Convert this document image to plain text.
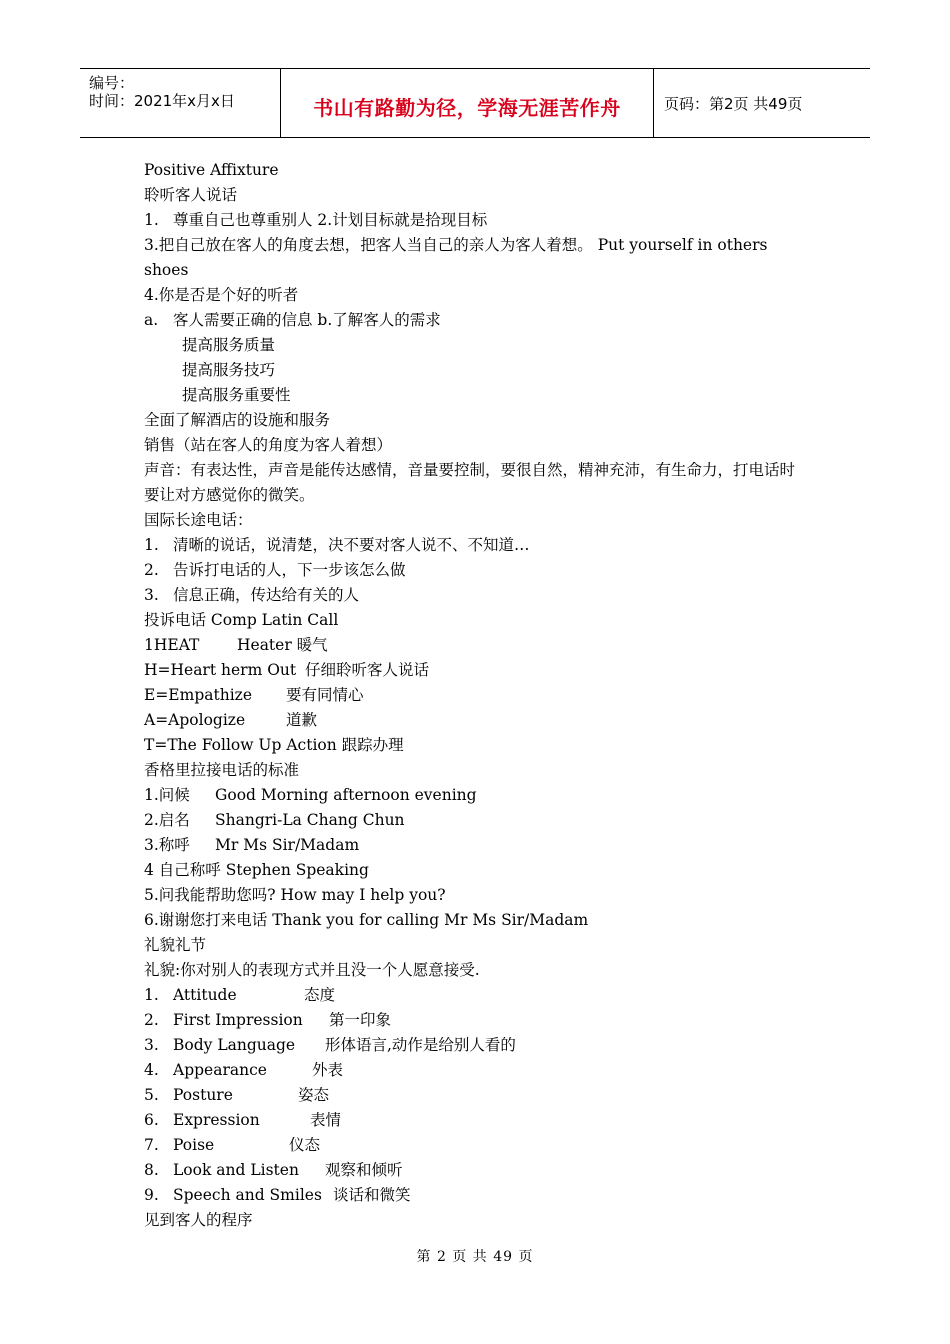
编号：
时间：2021年x月x日	书山有路勤为径，学海无涯苦作舟	页码：第2页 共49页
Positive Affixture
聆听客人说话
1. 尊重自己也尊重别人 2.计划目标就是拾现目标
3.把自己放在客人的角度去想，把客人当自己的亲人为客人着想。 Put yourself in others shoes
4.你是否是个好的听者
a. 客人需要正确的信息 b.了解客人的需求
提高服务质量
提高服务技巧
提高服务重要性
全面了解酒店的设施和服务
销售（站在客人的角度为客人着想）
声音：有表达性，声音是能传达感情，音量要控制，要很自然，精神充沛，有生命力，打电话时要让对方感觉你的微笑。
国际长途电话：
1. 清晰的说话，说清楚，决不要对客人说不、不知道…
2. 告诉打电话的人，下一步该怎么做
3. 信息正确，传达给有关的人
投诉电话 Comp Latin Call
1HEAT Heater 暖气
H=Heart herm Out 仔细聆听客人说话
E=Empathize 要有同情心
A=Apologize	道歉
T=The Follow Up Action 跟踪办理
香格里拉接电话的标准
1.问候 Good Morning afternoon evening
2.启名 Shangri-La Chang Chun
3.称呼 Mr Ms Sir/Madam
4 自己称呼 Stephen Speaking
5.问我能帮助您吗? How may I help you?
6.谢谢您打来电话 Thank you for calling Mr Ms Sir/Madam
礼貌礼节
礼貌:你对别人的表现方式并且没一个人愿意接受.
1. Attitude	态度
2. First Impression 第一印象
3. Body Language 形体语言,动作是给别人看的
4. Appearance	外表
5. Posture	姿态
6. Expression	表情
7. Poise	仪态
8. Look and Listen 观察和倾听
9. Speech and Smiles 谈话和微笑
见到客人的程序
第 2 页 共 49 页
